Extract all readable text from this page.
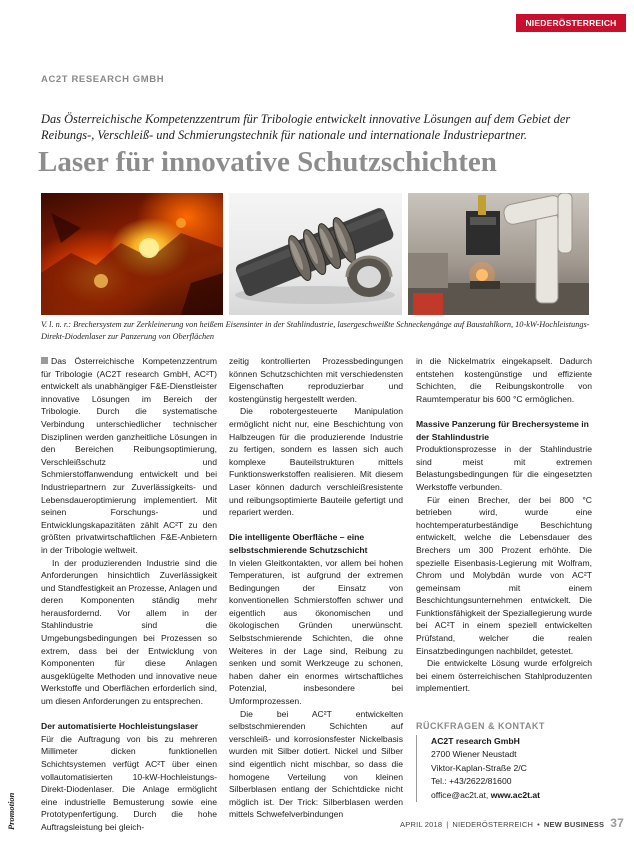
NIEDERÖSTERREICH
AC2T RESEARCH GMBH

Das Österreichische Kompetenzzentrum für Tribologie entwickelt innovative Lösungen auf dem Gebiet der Reibungs-, Verschleiß- und Schmierungstechnik für nationale und internationale Industriepartner.

Laser für innovative Schutzschichten

V. l. n. r.: Brechersystem zur Zerkleinerung von heißem Eisensinter in der Stahlindustrie, lasergeschweißte Schneckengänge auf Baustahlkorn, 10-kW-Hochleistungs-Direkt-Diodenlaser zur Panzerung von Oberflächen

Das Österreichische Kompetenzzentrum für Tribologie (AC2T research GmbH, AC²T) entwickelt als unabhängiger F&E-Dienstleister innovative Lösungen im Bereich der Tribologie. Durch die systematische Verbindung unterschiedlicher technischer Disziplinen werden ganzheitliche Lösungen in den Bereichen Reibungsoptimierung, Verschleißschutz und Schmierstoffanwendung entwickelt und bei Industriepartnern zur Zuverlässigkeits- und Lebensdaueroptimierung implementiert. Mit seinen Forschungs- und Entwicklungskapazitäten zählt AC²T zu den größten privatwirtschaftlichen F&E-Anbietern in der Tribologie weltweit.

In der produzierenden Industrie sind die Anforderungen hinsichtlich Zuverlässigkeit und Standfestigkeit an Prozesse, Anlagen und deren Komponenten ständig mehr herausfordernd. Vor allem in der Stahlindustrie sind die Umgebungsbedingungen bei Prozessen so extrem, dass bei der Entwicklung von Komponenten für diese Anlagen ausgeklügelte Methoden und innovative neue Werkstoffe und Oberflächen erforderlich sind, um diesen Anforderungen zu entsprechen.

Der automatisierte Hochleistungslaser

Für die Auftragung von bis zu mehreren Millimeter dicken funktionellen Schichtsystemen verfügt AC²T über einen vollautomatisierten 10-kW-Hochleistungs-Direkt-Diodenlaser. Die Anlage ermöglicht eine industrielle Bemusterung sowie eine Prototypenfertigung. Durch die hohe Auftragsleistung bei gleich-

zeitig kontrollierten Prozessbedingungen können Schutzschichten mit verschiedensten Eigenschaften reproduzierbar und kostengünstig hergestellt werden.

Die robotergesteuerte Manipulation ermöglicht nicht nur, eine Beschichtung von Halbzeugen für die produzierende Industrie zu fertigen, sondern es lassen sich auch komplexe Bauteilstrukturen mittels Funktionswerkstoffen realisieren. Mit diesem Laser können dadurch verschleißresistente und reibungsoptimierte Bauteile gefertigt und repariert werden.

Die intelligente Oberfläche – eine selbstschmierende Schutzschicht

In vielen Gleitkontakten, vor allem bei hohen Temperaturen, ist aufgrund der extremen Bedingungen der Einsatz von konventionellen Schmierstoffen schwer und eigentlich aus ökonomischen und ökologischen Gründen unerwünscht. Selbstschmierende Schichten, die ohne Weiteres in der Lage sind, Reibung zu senken und somit Werkzeuge zu schonen, haben daher ein enormes wirtschaftliches Potenzial, insbesondere bei Umformprozessen.

Die bei AC²T entwickelten selbstschmierenden Schichten auf verschleiß- und korrosionsfester Nickelbasis wurden mit Silber dotiert. Nickel und Silber sind eigentlich nicht mischbar, so dass die homogene Verteilung von kleinen Silberblasen entlang der Schichtdicke nicht möglich ist. Der Trick: Silberblasen werden mittels Schwefelverbindungen

in die Nickelmatrix eingekapselt. Dadurch entstehen kostengünstige und effiziente Schichten, die Reibungskontrolle von Raumtemperatur bis 600 °C ermöglichen.

Massive Panzerung für Brechersysteme in der Stahlindustrie

Produktionsprozesse in der Stahlindustrie sind meist mit extremen Belastungsbedingungen für die eingesetzten Werkstoffe verbunden.

Für einen Brecher, der bei 800 °C betrieben wird, wurde eine hochtemperaturbeständige Beschichtung entwickelt, welche die Lebensdauer des Brechers um 300 Prozent erhöhte. Die spezielle Eisenbasis-Legierung mit Wolfram, Chrom und Molybdän wurde von AC²T gemeinsam mit einem Beschichtungsunternehmen entwickelt. Die Funktionsfähigkeit der Speziallegierung wurde bei AC²T in einem speziell entwickelten Prüfstand, welcher die realen Einsatzbedingungen nachbildet, getestet.

Die entwickelte Lösung wurde erfolgreich bei einem österreichischen Stahlproduzenten implementiert.

RÜCKFRAGEN & KONTAKT
AC2T research GmbH
2700 Wiener Neustadt
Viktor-Kaplan-Straße 2/C
Tel.: +43/2622/81600
office@ac2t.at, www.ac2t.at
Promotion	APRIL 2018 | NIEDERÖSTERREICH • NEW BUSINESS 37
